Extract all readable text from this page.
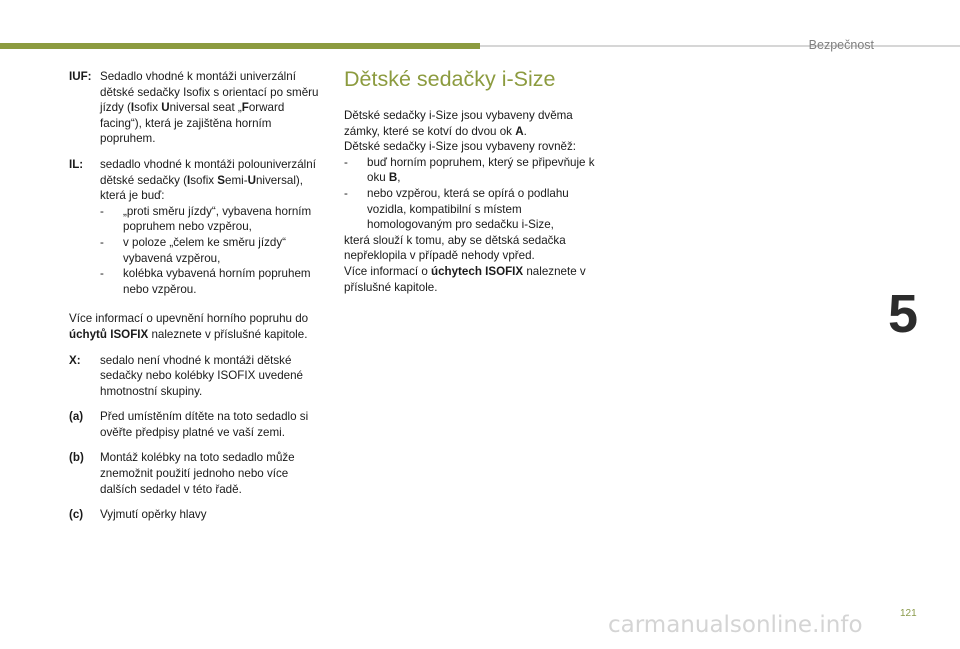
Bezpečnost
5
IUF: Sedadlo vhodné k montáži univerzální dětské sedačky Isofix s orientací po směru jízdy (Isofix Universal seat „Forward facing“), která je zajištěna horním popruhem.
IL: sedadlo vhodné k montáži polouniverzální dětské sedačky (Isofix Semi-Universal), která je buď:
- „proti směru jízdy“, vybavena horním popruhem nebo vzpěrou,
- v poloze „čelem ke směru jízdy“ vybavená vzpěrou,
- kolébka vybavená horním popruhem nebo vzpěrou.
Více informací o upevnění horního popruhu do úchytů ISOFIX naleznete v příslušné kapitole.
X: sedalo není vhodné k montáži dětské sedačky nebo kolébky ISOFIX uvedené hmotnostní skupiny.
(a) Před umístěním dítěte na toto sedadlo si ověřte předpisy platné ve vaší zemi.
(b) Montáž kolébky na toto sedadlo může znemožnit použití jednoho nebo více dalších sedadel v této řadě.
(c) Vyjmutí opěrky hlavy
Dětské sedačky i-Size
Dětské sedačky i-Size jsou vybaveny dvěma zámky, které se kotví do dvou ok A.
Dětské sedačky i-Size jsou vybaveny rovněž:
- buď horním popruhem, který se připevňuje k oku B,
- nebo vzpěrou, která se opírá o podlahu vozidla, kompatibilní s místem homologovaným pro sedačku i-Size,
která slouží k tomu, aby se dětská sedačka nepřeklopila v případě nehody vpřed.
Více informací o úchytech ISOFIX naleznete v příslušné kapitole.
121
carmanualsonline.info
